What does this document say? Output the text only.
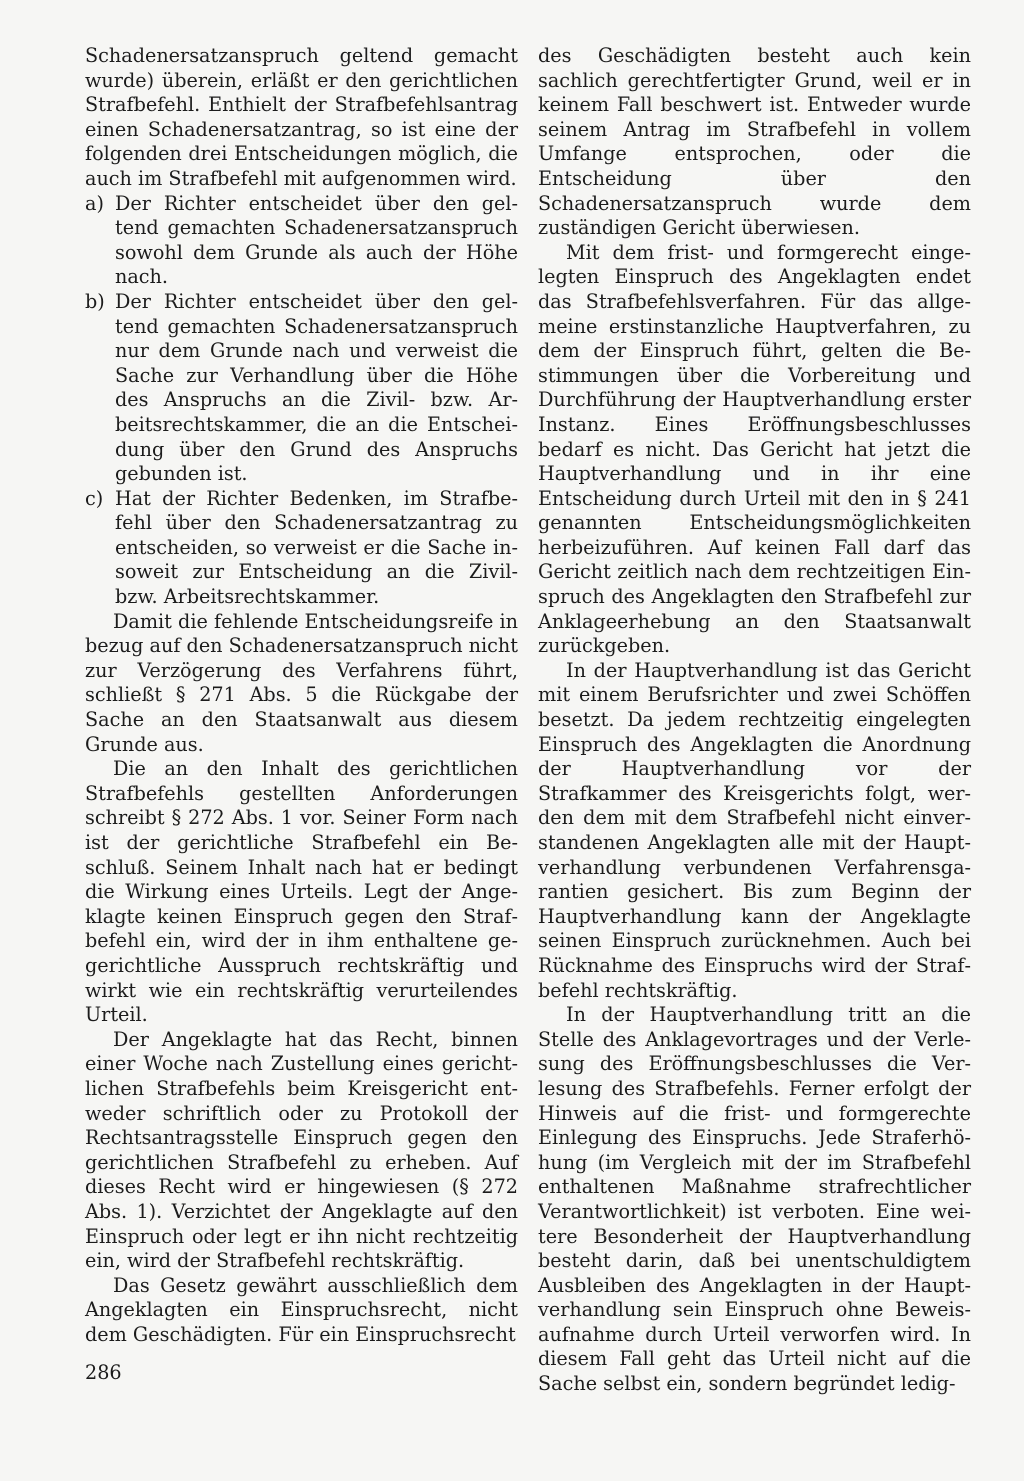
Schadenersatzanspruch geltend gemacht wurde) überein, erläßt er den gerichtlichen Strafbefehl. Enthielt der Strafbefehlsantrag einen Schadenersatzantrag, so ist eine der folgenden drei Entscheidungen möglich, die auch im Strafbefehl mit aufgenommen wird.

a) Der Richter entscheidet über den geltend gemachten Schadenersatzanspruch sowohl dem Grunde als auch der Höhe nach.
b) Der Richter entscheidet über den geltend gemachten Schadenersatzanspruch nur dem Grunde nach und verweist die Sache zur Verhandlung über die Höhe des Anspruchs an die Zivil- bzw. Arbeitsrechtskammer, die an die Entscheidung über den Grund des Anspruchs gebunden ist.
c) Hat der Richter Bedenken, im Strafbefehl über den Schadenersatzantrag zu entscheiden, so verweist er die Sache insoweit zur Entscheidung an die Zivil- bzw. Arbeitsrechtskammer.

Damit die fehlende Entscheidungsreife in bezug auf den Schadenersatzanspruch nicht zur Verzögerung des Verfahrens führt, schließt § 271 Abs. 5 die Rückgabe der Sache an den Staatsanwalt aus diesem Grunde aus.

Die an den Inhalt des gerichtlichen Strafbefehls gestellten Anforderungen schreibt § 272 Abs. 1 vor. Seiner Form nach ist der gerichtliche Strafbefehl ein Beschluß. Seinem Inhalt nach hat er bedingt die Wirkung eines Urteils. Legt der Angeklagte keinen Einspruch gegen den Strafbefehl ein, wird der in ihm enthaltene gegerichtliche Ausspruch rechtskräftig und wirkt wie ein rechtskräftig verurteilendes Urteil.

Der Angeklagte hat das Recht, binnen einer Woche nach Zustellung eines gerichtlichen Strafbefehls beim Kreisgericht entweder schriftlich oder zu Protokoll der Rechtsantragsstelle Einspruch gegen den gerichtlichen Strafbefehl zu erheben. Auf dieses Recht wird er hingewiesen (§ 272 Abs. 1). Verzichtet der Angeklagte auf den Einspruch oder legt er ihn nicht rechtzeitig ein, wird der Strafbefehl rechtskräftig.

Das Gesetz gewährt ausschließlich dem Angeklagten ein Einspruchsrecht, nicht dem Geschädigten. Für ein Einspruchsrecht

des Geschädigten besteht auch kein sachlich gerechtfertigter Grund, weil er in keinem Fall beschwert ist. Entweder wurde seinem Antrag im Strafbefehl in vollem Umfange entsprochen, oder die Entscheidung über den Schadenersatzanspruch wurde dem zuständigen Gericht überwiesen.

Mit dem frist- und formgerecht eingelegten Einspruch des Angeklagten endet das Strafbefehlsverfahren. Für das allgemeine erstinstanzliche Hauptverfahren, zu dem der Einspruch führt, gelten die Bestimmungen über die Vorbereitung und Durchführung der Hauptverhandlung erster Instanz. Eines Eröffnungsbeschlusses bedarf es nicht. Das Gericht hat jetzt die Hauptverhandlung und in ihr eine Entscheidung durch Urteil mit den in § 241 genannten Entscheidungsmöglichkeiten herbeizuführen. Auf keinen Fall darf das Gericht zeitlich nach dem rechtzeitigen Einspruch des Angeklagten den Strafbefehl zur Anklageerhebung an den Staatsanwalt zurückgeben.

In der Hauptverhandlung ist das Gericht mit einem Berufsrichter und zwei Schöffen besetzt. Da jedem rechtzeitig eingelegten Einspruch des Angeklagten die Anordnung der Hauptverhandlung vor der Strafkammer des Kreisgerichts folgt, werden dem mit dem Strafbefehl nicht einverstandenen Angeklagten alle mit der Hauptverhandlung verbundenen Verfahrensgarantien gesichert. Bis zum Beginn der Hauptverhandlung kann der Angeklagte seinen Einspruch zurücknehmen. Auch bei Rücknahme des Einspruchs wird der Strafbefehl rechtskräftig.

In der Hauptverhandlung tritt an die Stelle des Anklagevortrages und der Verlesung des Eröffnungsbeschlusses die Verlesung des Strafbefehls. Ferner erfolgt der Hinweis auf die frist- und formgerechte Einlegung des Einspruchs. Jede Straferhöhung (im Vergleich mit der im Strafbefehl enthaltenen Maßnahme strafrechtlicher Verantwortlichkeit) ist verboten. Eine weitere Besonderheit der Hauptverhandlung besteht darin, daß bei unentschuldigtem Ausbleiben des Angeklagten in der Hauptverhandlung sein Einspruch ohne Beweisaufnahme durch Urteil verworfen wird. In diesem Fall geht das Urteil nicht auf die Sache selbst ein, sondern begründet ledig-

286
